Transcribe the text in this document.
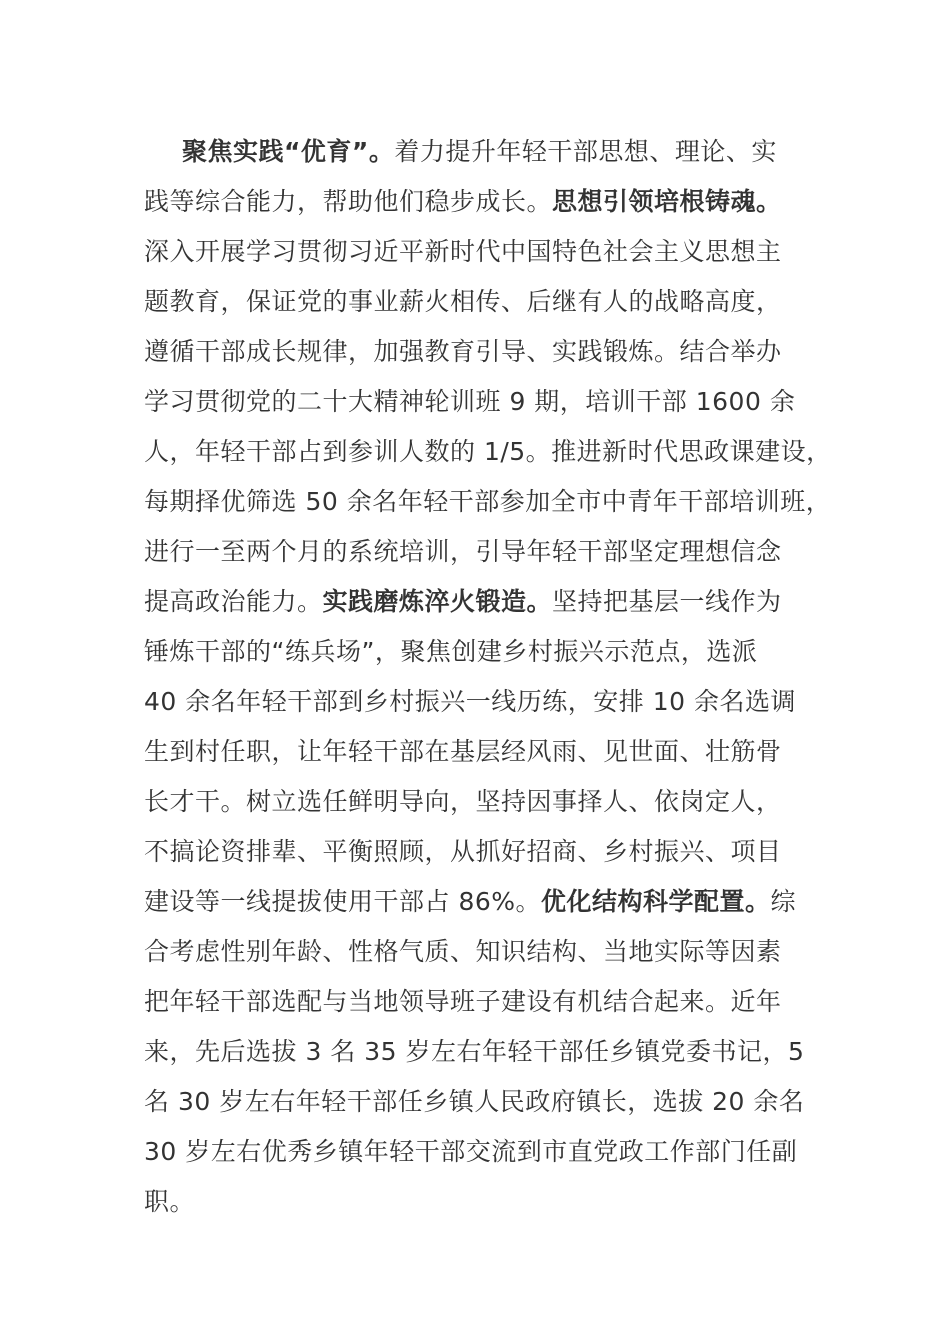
聚焦实践“优育”。着力提升年轻干部思想、理论、实
践等综合能力，帮助他们稳步成长。思想引领培根铸魂。
深入开展学习贯彻习近平新时代中国特色社会主义思想主
题教育，保证党的事业薪火相传、后继有人的战略高度，
遵循干部成长规律，加强教育引导、实践锻炼。结合举办
学习贯彻党的二十大精神轮训班 9 期，培训干部 1600 余
人，年轻干部占到参训人数的 1/5。推进新时代思政课建设，
每期择优筛选 50 余名年轻干部参加全市中青年干部培训班，
进行一至两个月的系统培训，引导年轻干部坚定理想信念
提高政治能力。实践磨炼淬火锻造。坚持把基层一线作为
锤炼干部的“练兵场”，聚焦创建乡村振兴示范点，选派
40 余名年轻干部到乡村振兴一线历练，安排 10 余名选调
生到村任职，让年轻干部在基层经风雨、见世面、壮筋骨
长才干。树立选任鲜明导向，坚持因事择人、依岗定人，
不搞论资排辈、平衡照顾，从抓好招商、乡村振兴、项目
建设等一线提拔使用干部占 86%。优化结构科学配置。综
合考虑性别年龄、性格气质、知识结构、当地实际等因素
把年轻干部选配与当地领导班子建设有机结合起来。近年
来，先后选拔 3 名 35 岁左右年轻干部任乡镇党委书记，5
名 30 岁左右年轻干部任乡镇人民政府镇长，选拔 20 余名
30 岁左右优秀乡镇年轻干部交流到市直党政工作部门任副
职。
